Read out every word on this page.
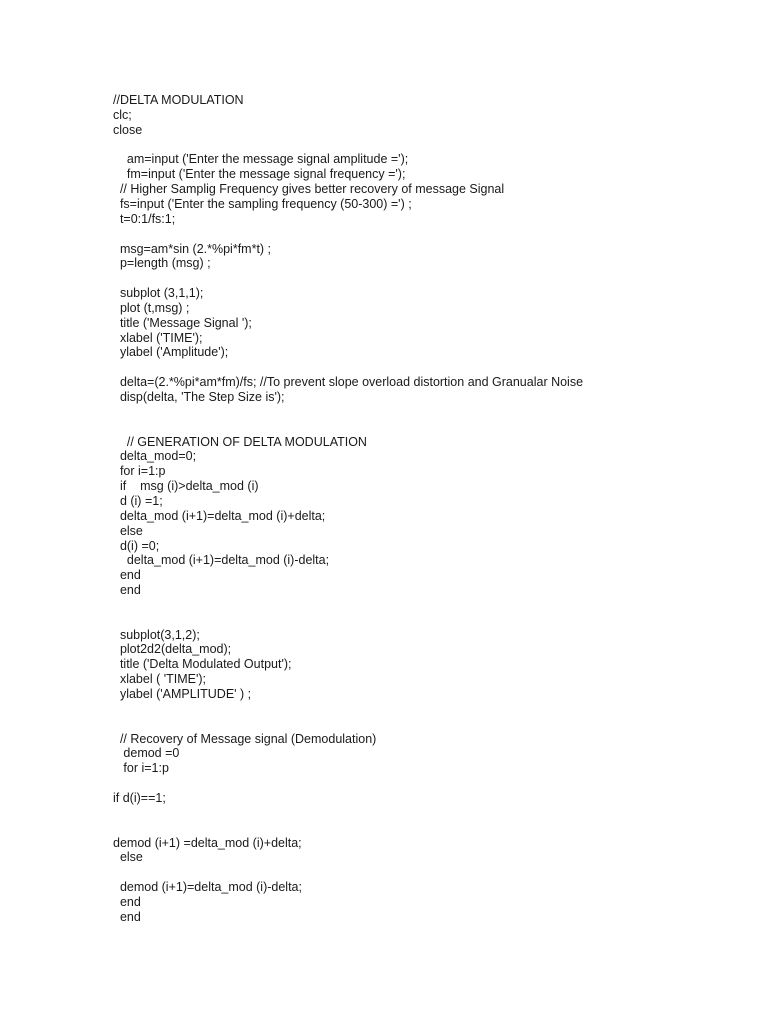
//DELTA MODULATION

clc;

close

am=input ('Enter the message signal amplitude =');

fm=input ('Enter the message signal frequency =');

// Higher Samplig Frequency gives better recovery of message Signal

fs=input ('Enter the sampling frequency (50-300) =') ;

t=0:1/fs:1;

msg=am*sin (2.*%pi*fm*t) ;

p=length (msg) ;

subplot (3,1,1);

plot (t,msg) ;

title ('Message Signal ');

xlabel ('TIME');

ylabel ('Amplitude');

delta=(2.*%pi*am*fm)/fs; //To prevent slope overload distortion and Granualar Noise

disp(delta, 'The Step Size is');

// GENERATION OF DELTA MODULATION

delta_mod=0;

for i=1:p

if    msg (i)>delta_mod (i)

d (i) =1;

delta_mod (i+1)=delta_mod (i)+delta;

else

d(i) =0;

delta_mod (i+1)=delta_mod (i)-delta;

end

end

subplot(3,1,2);

plot2d2(delta_mod);

title ('Delta Modulated Output');

xlabel ( 'TIME');

ylabel ('AMPLITUDE' ) ;

// Recovery of Message signal (Demodulation)

demod =0

for i=1:p

if d(i)==1;

demod (i+1) =delta_mod (i)+delta;

else

demod (i+1)=delta_mod (i)-delta;

end

end
